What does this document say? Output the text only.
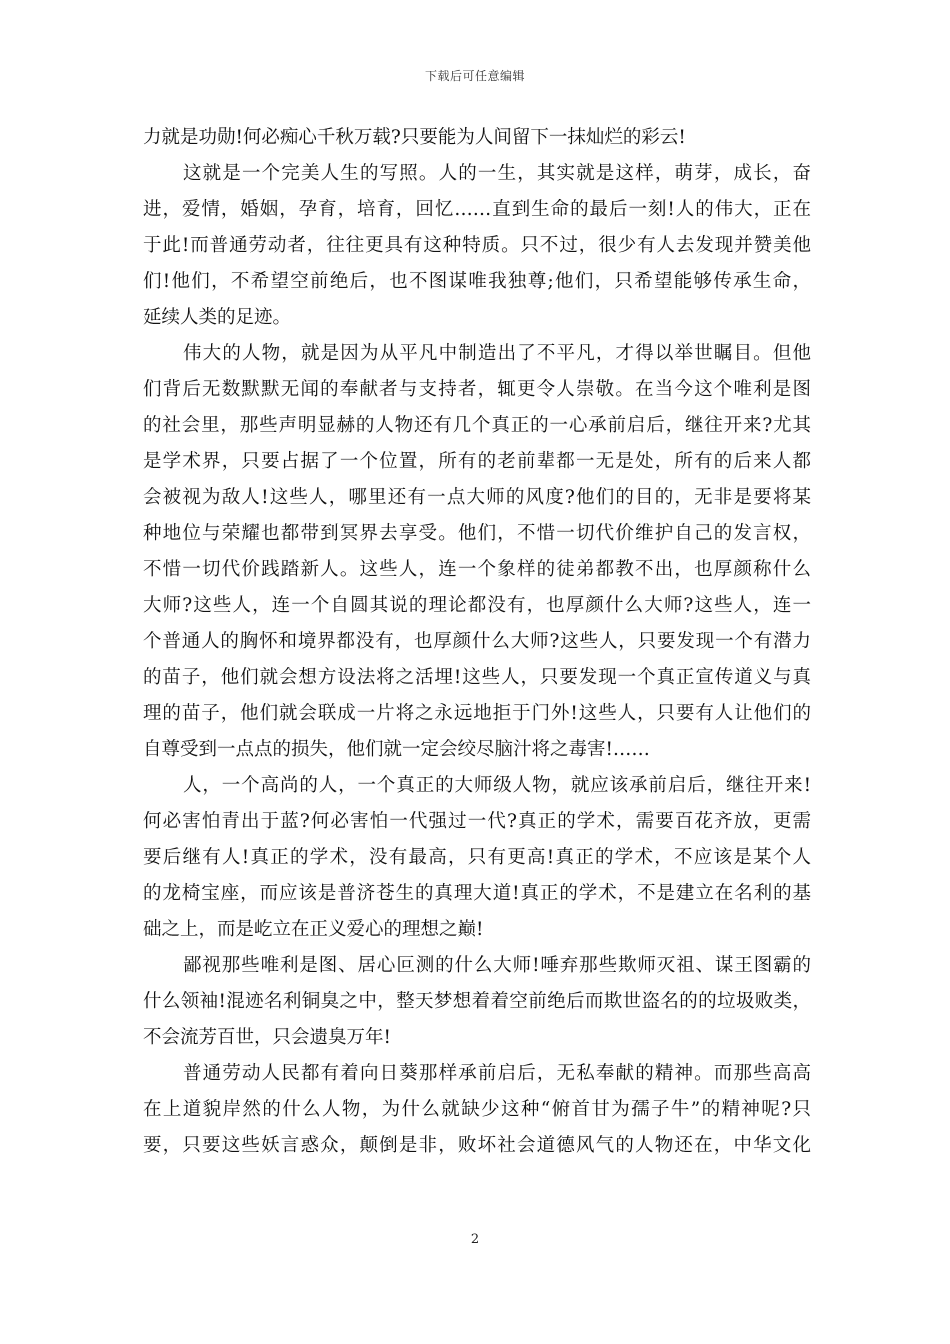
下载后可任意编辑
力就是功勋!何必痴心千秋万载?只要能为人间留下一抹灿烂的彩云!
这就是一个完美人生的写照。人的一生，其实就是这样，萌芽，成长，奋
进，爱情，婚姻，孕育，培育，回忆……直到生命的最后一刻!人的伟大，正在
于此!而普通劳动者，往往更具有这种特质。只不过，很少有人去发现并赞美他
们!他们，不希望空前绝后，也不图谋唯我独尊;他们，只希望能够传承生命，
延续人类的足迹。
伟大的人物，就是因为从平凡中制造出了不平凡，才得以举世瞩目。但他
们背后无数默默无闻的奉献者与支持者，辄更令人崇敬。在当今这个唯利是图
的社会里，那些声明显赫的人物还有几个真正的一心承前启后，继往开来?尤其
是学术界，只要占据了一个位置，所有的老前辈都一无是处，所有的后来人都
会被视为敌人!这些人，哪里还有一点大师的风度?他们的目的，无非是要将某
种地位与荣耀也都带到冥界去享受。他们，不惜一切代价维护自己的发言权，
不惜一切代价践踏新人。这些人，连一个象样的徒弟都教不出，也厚颜称什么
大师?这些人，连一个自圆其说的理论都没有，也厚颜什么大师?这些人，连一
个普通人的胸怀和境界都没有，也厚颜什么大师?这些人，只要发现一个有潜力
的苗子，他们就会想方设法将之活埋!这些人，只要发现一个真正宣传道义与真
理的苗子，他们就会联成一片将之永远地拒于门外!这些人，只要有人让他们的
自尊受到一点点的损失，他们就一定会绞尽脑汁将之毒害!……
人，一个高尚的人，一个真正的大师级人物，就应该承前启后，继往开来!
何必害怕青出于蓝?何必害怕一代强过一代?真正的学术，需要百花齐放，更需
要后继有人!真正的学术，没有最高，只有更高!真正的学术，不应该是某个人
的龙椅宝座，而应该是普济苍生的真理大道!真正的学术，不是建立在名利的基
础之上，而是屹立在正义爱心的理想之巅!
鄙视那些唯利是图、居心叵测的什么大师!唾弃那些欺师灭祖、谋王图霸的
什么领袖!混迹名利铜臭之中，整天梦想着着空前绝后而欺世盗名的的垃圾败类，
不会流芳百世，只会遗臭万年!
普通劳动人民都有着向日葵那样承前启后，无私奉献的精神。而那些高高
在上道貌岸然的什么人物，为什么就缺少这种“俯首甘为孺子牛”的精神呢?只
要，只要这些妖言惑众，颠倒是非，败坏社会道德风气的人物还在，中华文化
2
